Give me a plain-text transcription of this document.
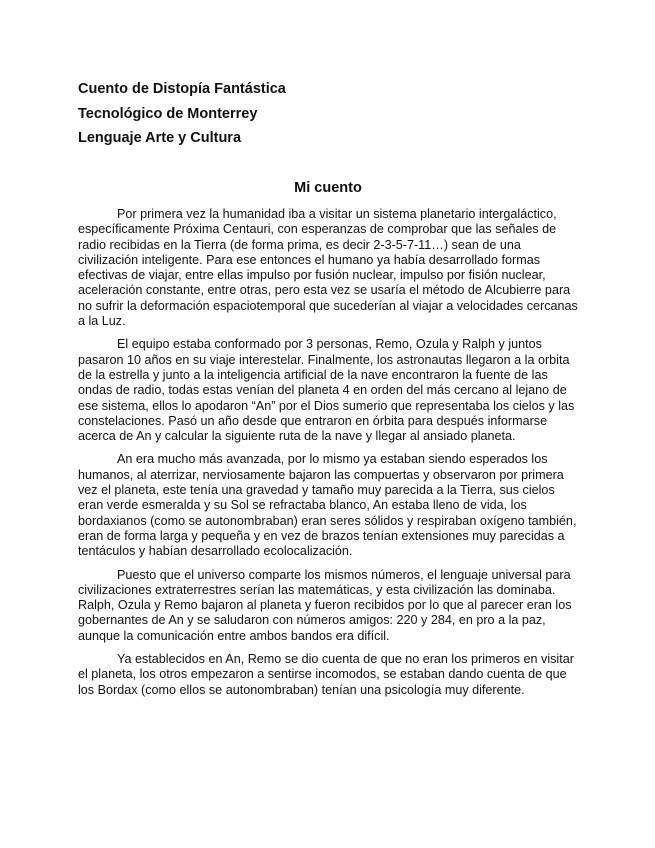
Cuento de Distopía Fantástica
Tecnológico de Monterrey
Lenguaje Arte y Cultura
Mi cuento

Por primera vez la humanidad iba a visitar un sistema planetario intergaláctico, específicamente Próxima Centauri, con esperanzas de comprobar que las señales de radio recibidas en la Tierra (de forma prima, es decir 2-3-5-7-11…) sean de una civilización inteligente. Para ese entonces el humano ya había desarrollado formas efectivas de viajar, entre ellas impulso por fusión nuclear, impulso por fisión nuclear, aceleración constante, entre otras, pero esta vez se usaría el método de Alcubierre para no sufrir la deformación espaciotemporal que sucederían al viajar a velocidades cercanas a la Luz.

El equipo estaba conformado por 3 personas, Remo, Ozula y Ralph y juntos pasaron 10 años en su viaje interestelar. Finalmente, los astronautas llegaron a la orbita de la estrella y junto a la inteligencia artificial de la nave encontraron la fuente de las ondas de radio, todas estas venían del planeta 4 en orden del más cercano al lejano de ese sistema, ellos lo apodaron “An” por el Dios sumerio que representaba los cielos y las constelaciones. Pasó un año desde que entraron en órbita para después informarse acerca de An y calcular la siguiente ruta de la nave y llegar al ansiado planeta.

An era mucho más avanzada, por lo mismo ya estaban siendo esperados los humanos, al aterrizar, nerviosamente bajaron las compuertas y observaron por primera vez el planeta, este tenía una gravedad y tamaño muy parecida a la Tierra, sus cielos eran verde esmeralda y su Sol se refractaba blanco, An estaba lleno de vida, los bordaxianos (como se autonombraban) eran seres sólidos y respiraban oxígeno también, eran de forma larga y pequeña y en vez de brazos tenían extensiones muy parecidas a tentáculos y habían desarrollado ecolocalización.

Puesto que el universo comparte los mismos números, el lenguaje universal para civilizaciones extraterrestres serían las matemáticas, y esta civilización las dominaba. Ralph, Ozula y Remo bajaron al planeta y fueron recibidos por lo que al parecer eran los gobernantes de An y se saludaron con números amigos: 220 y 284, en pro a la paz, aunque la comunicación entre ambos bandos era difícil.

Ya establecidos en An, Remo se dio cuenta de que no eran los primeros en visitar el planeta, los otros empezaron a sentirse incomodos, se estaban dando cuenta de que los Bordax (como ellos se autonombraban) tenían una psicología muy diferente.
